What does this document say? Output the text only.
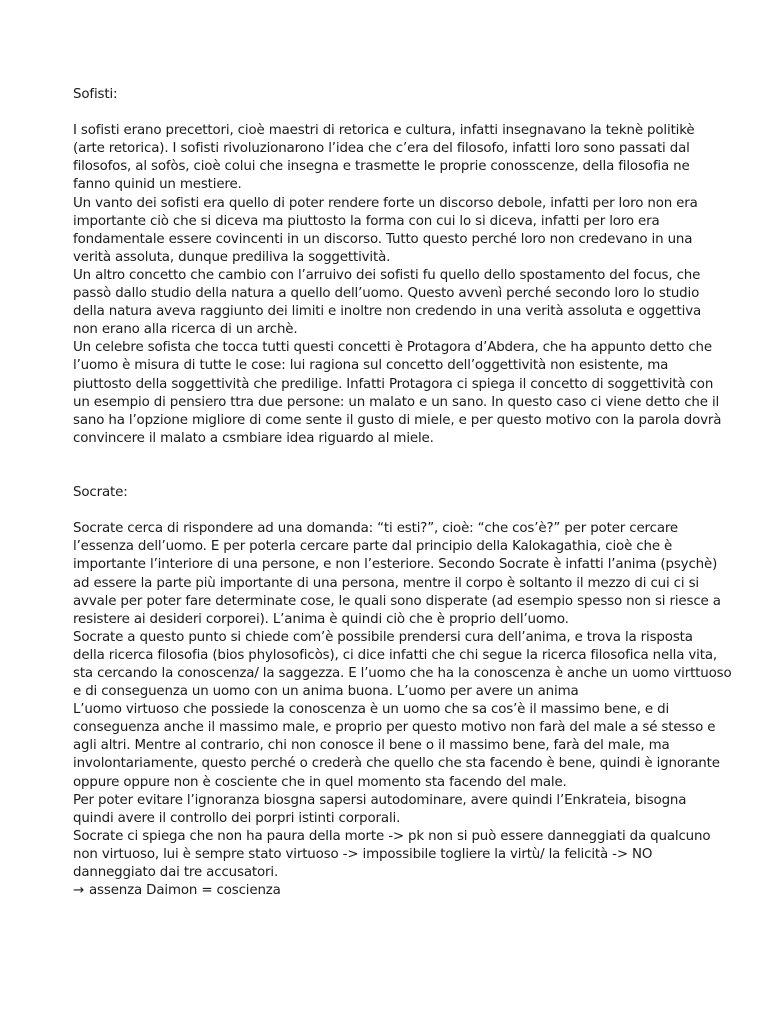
Sofisti:
I sofisti erano precettori, cioè maestri di retorica e cultura, infatti insegnavano la teknè politikè
(arte retorica). I sofisti rivoluzionarono l’idea che c’era del filosofo, infatti loro sono passati dal
filosofos, al sofòs, cioè colui che insegna e trasmette le proprie conosscenze, della filosofia ne
fanno quinid un mestiere.
Un vanto dei sofisti era quello di poter rendere forte un discorso debole, infatti per loro non era
importante ciò che si diceva ma piuttosto la forma con cui lo si diceva, infatti per loro era
fondamentale essere covincenti in un discorso. Tutto questo perché loro non credevano in una
verità assoluta, dunque prediliva la soggettività.
Un altro concetto che cambio con l’arruivo dei sofisti fu quello dello spostamento del focus, che
passò dallo studio della natura a quello dell’uomo. Questo avvenì perché secondo loro lo studio
della natura aveva raggiunto dei limiti e inoltre non credendo in una verità assoluta e oggettiva
non erano alla ricerca di un archè.
Un celebre sofista che tocca tutti questi concetti è Protagora d’Abdera, che ha appunto detto che
l’uomo è misura di tutte le cose: lui ragiona sul concetto dell’oggettività non esistente, ma
piuttosto della soggettività che predilige. Infatti Protagora ci spiega il concetto di soggettività con
un esempio di pensiero ttra due persone: un malato e un sano. In questo caso ci viene detto che il
sano ha l’opzione migliore di come sente il gusto di miele, e per questo motivo con la parola dovrà
convincere il malato a csmbiare idea riguardo al miele.
Socrate:
Socrate cerca di rispondere ad una domanda: “ti esti?”, cioè: “che cos’è?” per poter cercare
l’essenza dell’uomo. E per poterla cercare parte dal principio della Kalokagathia, cioè che è
importante l’interiore di una persone, e non l’esteriore. Secondo Socrate è infatti l’anima (psychè)
ad essere la parte più importante di una persona, mentre il corpo è soltanto il mezzo di cui ci si
avvale per poter fare determinate cose, le quali sono disperate (ad esempio spesso non si riesce a
resistere ai desideri corporei). L’anima è quindi ciò che è proprio dell’uomo.
Socrate a questo punto si chiede com’è possibile prendersi cura dell’anima, e trova la risposta
della ricerca filosofia (bios phylosoficòs), ci dice infatti che chi segue la ricerca filosofica nella vita,
sta cercando la conoscenza/ la saggezza. E l’uomo che ha la conoscenza è anche un uomo virttuoso
e di conseguenza un uomo con un anima buona. L’uomo per avere un anima
L’uomo virtuoso che possiede la conoscenza è un uomo che sa cos’è il massimo bene, e di
conseguenza anche il massimo male, e proprio per questo motivo non farà del male a sé stesso e
agli altri. Mentre al contrario, chi non conosce il bene o il massimo bene, farà del male, ma
involontariamente, questo perché o crederà che quello che sta facendo è bene, quindi è ignorante
oppure oppure non è cosciente che in quel momento sta facendo del male.
Per poter evitare l’ignoranza biosgna sapersi autodominare, avere quindi l’Enkrateia, bisogna
quindi avere il controllo dei porpri istinti corporali.
Socrate ci spiega che non ha paura della morte -> pk non si può essere danneggiati da qualcuno
non virtuoso, lui è sempre stato virtuoso -> impossibile togliere la virtù/ la felicità -> NO
danneggiato dai tre accusatori.
→ assenza Daimon = coscienza
